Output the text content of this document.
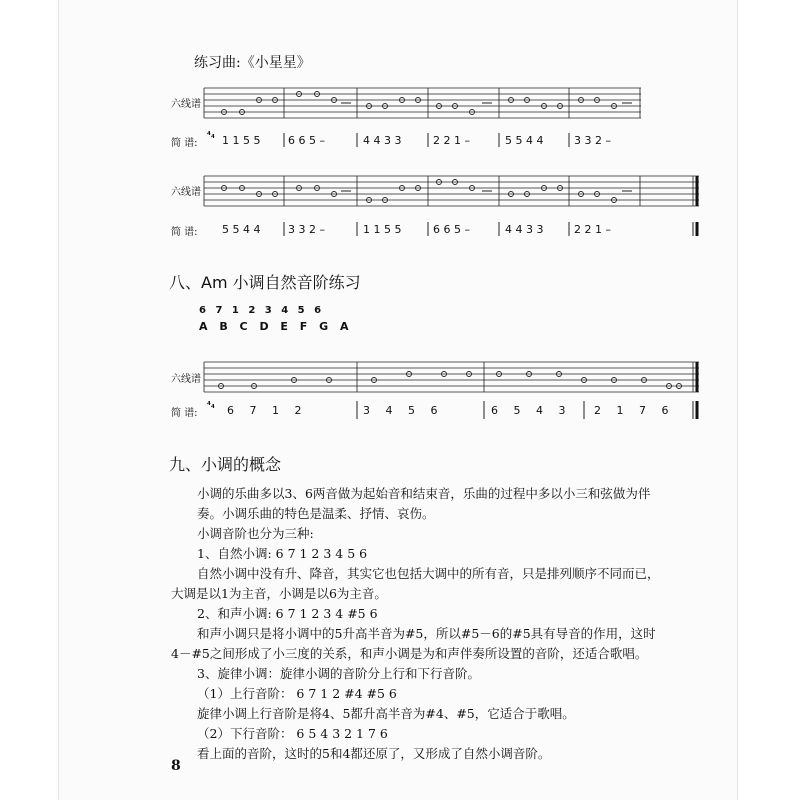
练习曲:《小星星》
六线谱
简 谱:
⁴₄ 1 1 5 5	6 6 5 –	4 4 3 3	2 2 1 –	5 5 4 4	3 3 2 –
六线谱
简 谱: 5 5 4 4	3 3 2 –	1 1 5 5	6 6 5 –	4 4 3 3	2 2 1 –
八、Am 小调自然音阶练习
6 7 1 2 3 4 5 6
A B C D E F G A
六线谱
简 谱:
⁴₄ 6 7 1 2	3 4 5 6	6 5 4 3	2 1 7 6
九、小调的概念
小调的乐曲多以3、6两音做为起始音和结束音，乐曲的过程中多以小三和弦做为伴
奏。小调乐曲的特色是温柔、抒情、哀伤。
小调音阶也分为三种:
1、自然小调: 6 7 1 2 3 4 5 6
自然小调中没有升、降音，其实它也包括大调中的所有音，只是排列顺序不同而已，
大调是以1为主音，小调是以6为主音。
2、和声小调: 6 7 1 2 3 4 #5 6
和声小调只是将小调中的5升高半音为#5，所以#5－6的#5具有导音的作用，这时
4－#5之间形成了小三度的关系，和声小调是为和声伴奏所设置的音阶，还适合歌唱。
3、旋律小调：旋律小调的音阶分上行和下行音阶。
（1）上行音阶： 6 7 1 2 #4 #5 6
旋律小调上行音阶是将4、5都升高半音为#4、#5，它适合于歌唱。
（2）下行音阶： 6 5 4 3 2 1 7 6
看上面的音阶，这时的5和4都还原了，又形成了自然小调音阶。
8
